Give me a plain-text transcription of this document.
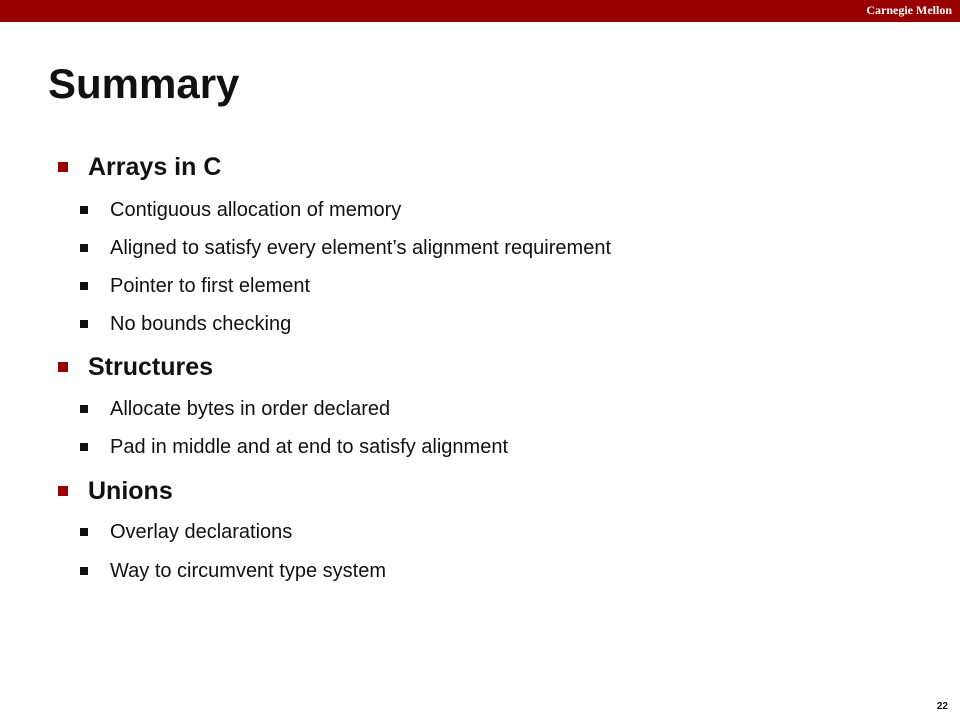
Carnegie Mellon
Summary
Arrays in C
Contiguous allocation of memory
Aligned to satisfy every element’s alignment requirement
Pointer to first element
No bounds checking
Structures
Allocate bytes in order declared
Pad in middle and at end to satisfy alignment
Unions
Overlay declarations
Way to circumvent type system
22
